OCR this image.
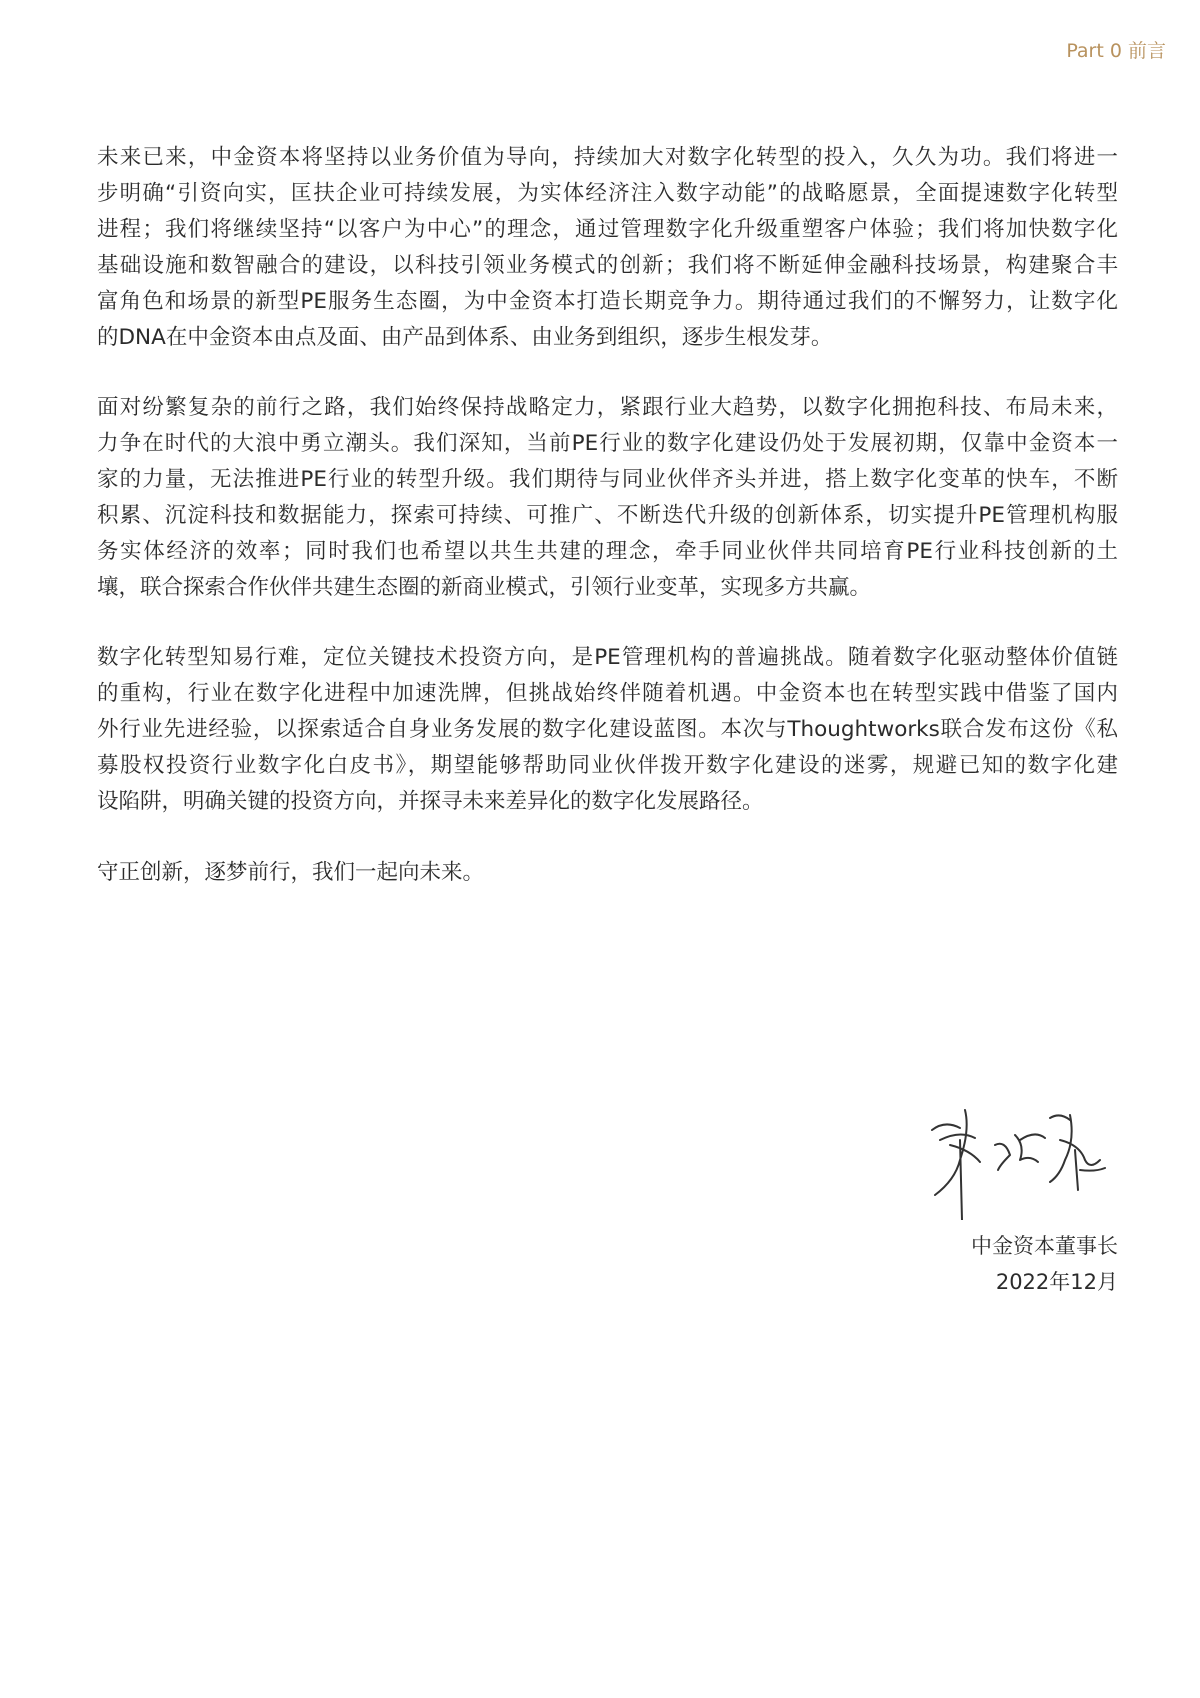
Part 0 前言
未来已来，中金资本将坚持以业务价值为导向，持续加大对数字化转型的投入，久久为功。我们将进一
步明确“引资向实，匡扶企业可持续发展，为实体经济注入数字动能”的战略愿景，全面提速数字化转型
进程；我们将继续坚持“以客户为中心”的理念，通过管理数字化升级重塑客户体验；我们将加快数字化
基础设施和数智融合的建设，以科技引领业务模式的创新；我们将不断延伸金融科技场景，构建聚合丰
富角色和场景的新型PE服务生态圈，为中金资本打造长期竞争力。期待通过我们的不懈努力，让数字化
的DNA在中金资本由点及面、由产品到体系、由业务到组织，逐步生根发芽。
面对纷繁复杂的前行之路，我们始终保持战略定力，紧跟行业大趋势，以数字化拥抱科技、布局未来，
力争在时代的大浪中勇立潮头。我们深知，当前PE行业的数字化建设仍处于发展初期，仅靠中金资本一
家的力量，无法推进PE行业的转型升级。我们期待与同业伙伴齐头并进，搭上数字化变革的快车，不断
积累、沉淀科技和数据能力，探索可持续、可推广、不断迭代升级的创新体系，切实提升PE管理机构服
务实体经济的效率；同时我们也希望以共生共建的理念，牵手同业伙伴共同培育PE行业科技创新的土
壤，联合探索合作伙伴共建生态圈的新商业模式，引领行业变革，实现多方共赢。
数字化转型知易行难，定位关键技术投资方向，是PE管理机构的普遍挑战。随着数字化驱动整体价值链
的重构，行业在数字化进程中加速洗牌，但挑战始终伴随着机遇。中金资本也在转型实践中借鉴了国内
外行业先进经验，以探索适合自身业务发展的数字化建设蓝图。本次与Thoughtworks联合发布这份《私
募股权投资行业数字化白皮书》，期望能够帮助同业伙伴拨开数字化建设的迷雾，规避已知的数字化建
设陷阱，明确关键的投资方向，并探寻未来差异化的数字化发展路径。
守正创新，逐梦前行，我们一起向未来。
中金资本董事长
2022年12月
